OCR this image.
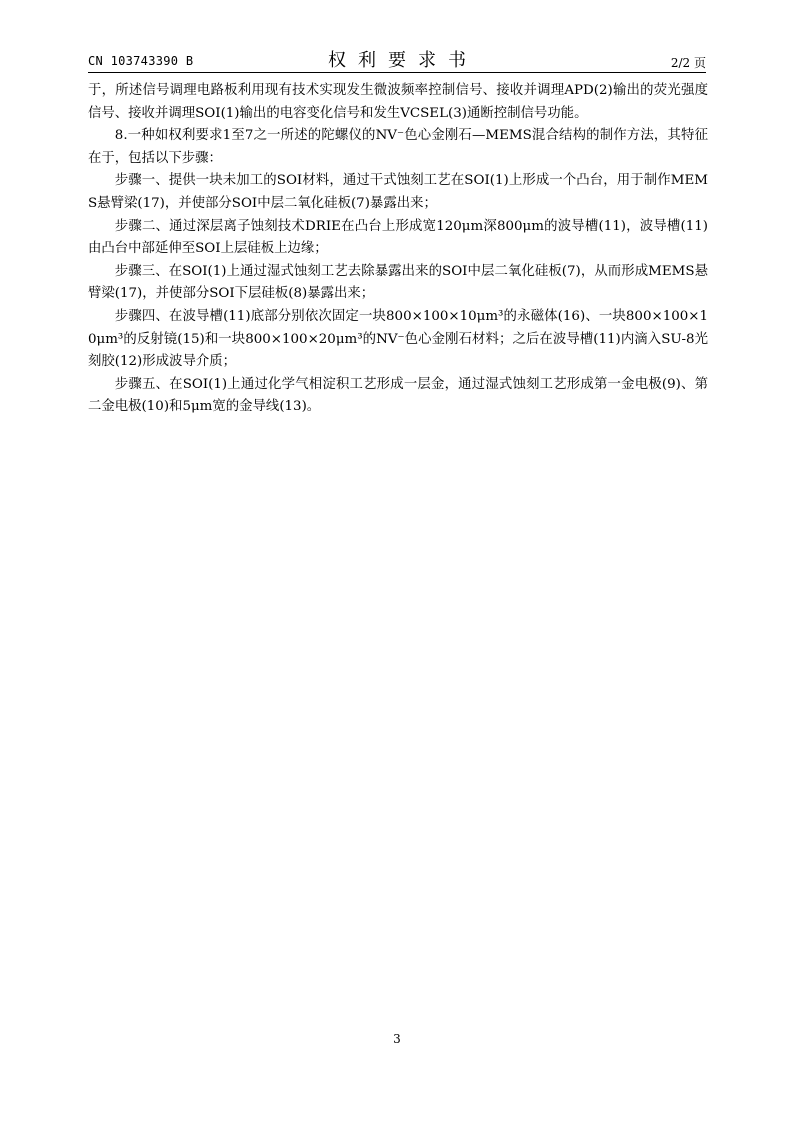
CN 103743390 B	权利要求书	2/2 页

于，所述信号调理电路板利用现有技术实现发生微波频率控制信号、接收并调理APD(2)输出的荧光强度信号、接收并调理SOI(1)输出的电容变化信号和发生VCSEL(3)通断控制信号功能。

8.一种如权利要求1至7之一所述的陀螺仪的NV⁻色心金刚石—MEMS混合结构的制作方法，其特征在于，包括以下步骤：

步骤一、提供一块未加工的SOI材料，通过干式蚀刻工艺在SOI(1)上形成一个凸台，用于制作MEMS悬臂梁(17)，并使部分SOI中层二氧化硅板(7)暴露出来；

步骤二、通过深层离子蚀刻技术DRIE在凸台上形成宽120μm深800μm的波导槽(11)，波导槽(11)由凸台中部延伸至SOI上层硅板上边缘；

步骤三、在SOI(1)上通过湿式蚀刻工艺去除暴露出来的SOI中层二氧化硅板(7)，从而形成MEMS悬臂梁(17)，并使部分SOI下层硅板(8)暴露出来；

步骤四、在波导槽(11)底部分别依次固定一块800×100×10μm³的永磁体(16)、一块800×100×10μm³的反射镜(15)和一块800×100×20μm³的NV⁻色心金刚石材料；之后在波导槽(11)内滴入SU-8光刻胶(12)形成波导介质；

步骤五、在SOI(1)上通过化学气相淀积工艺形成一层金，通过湿式蚀刻工艺形成第一金电极(9)、第二金电极(10)和5μm宽的金导线(13)。

3
